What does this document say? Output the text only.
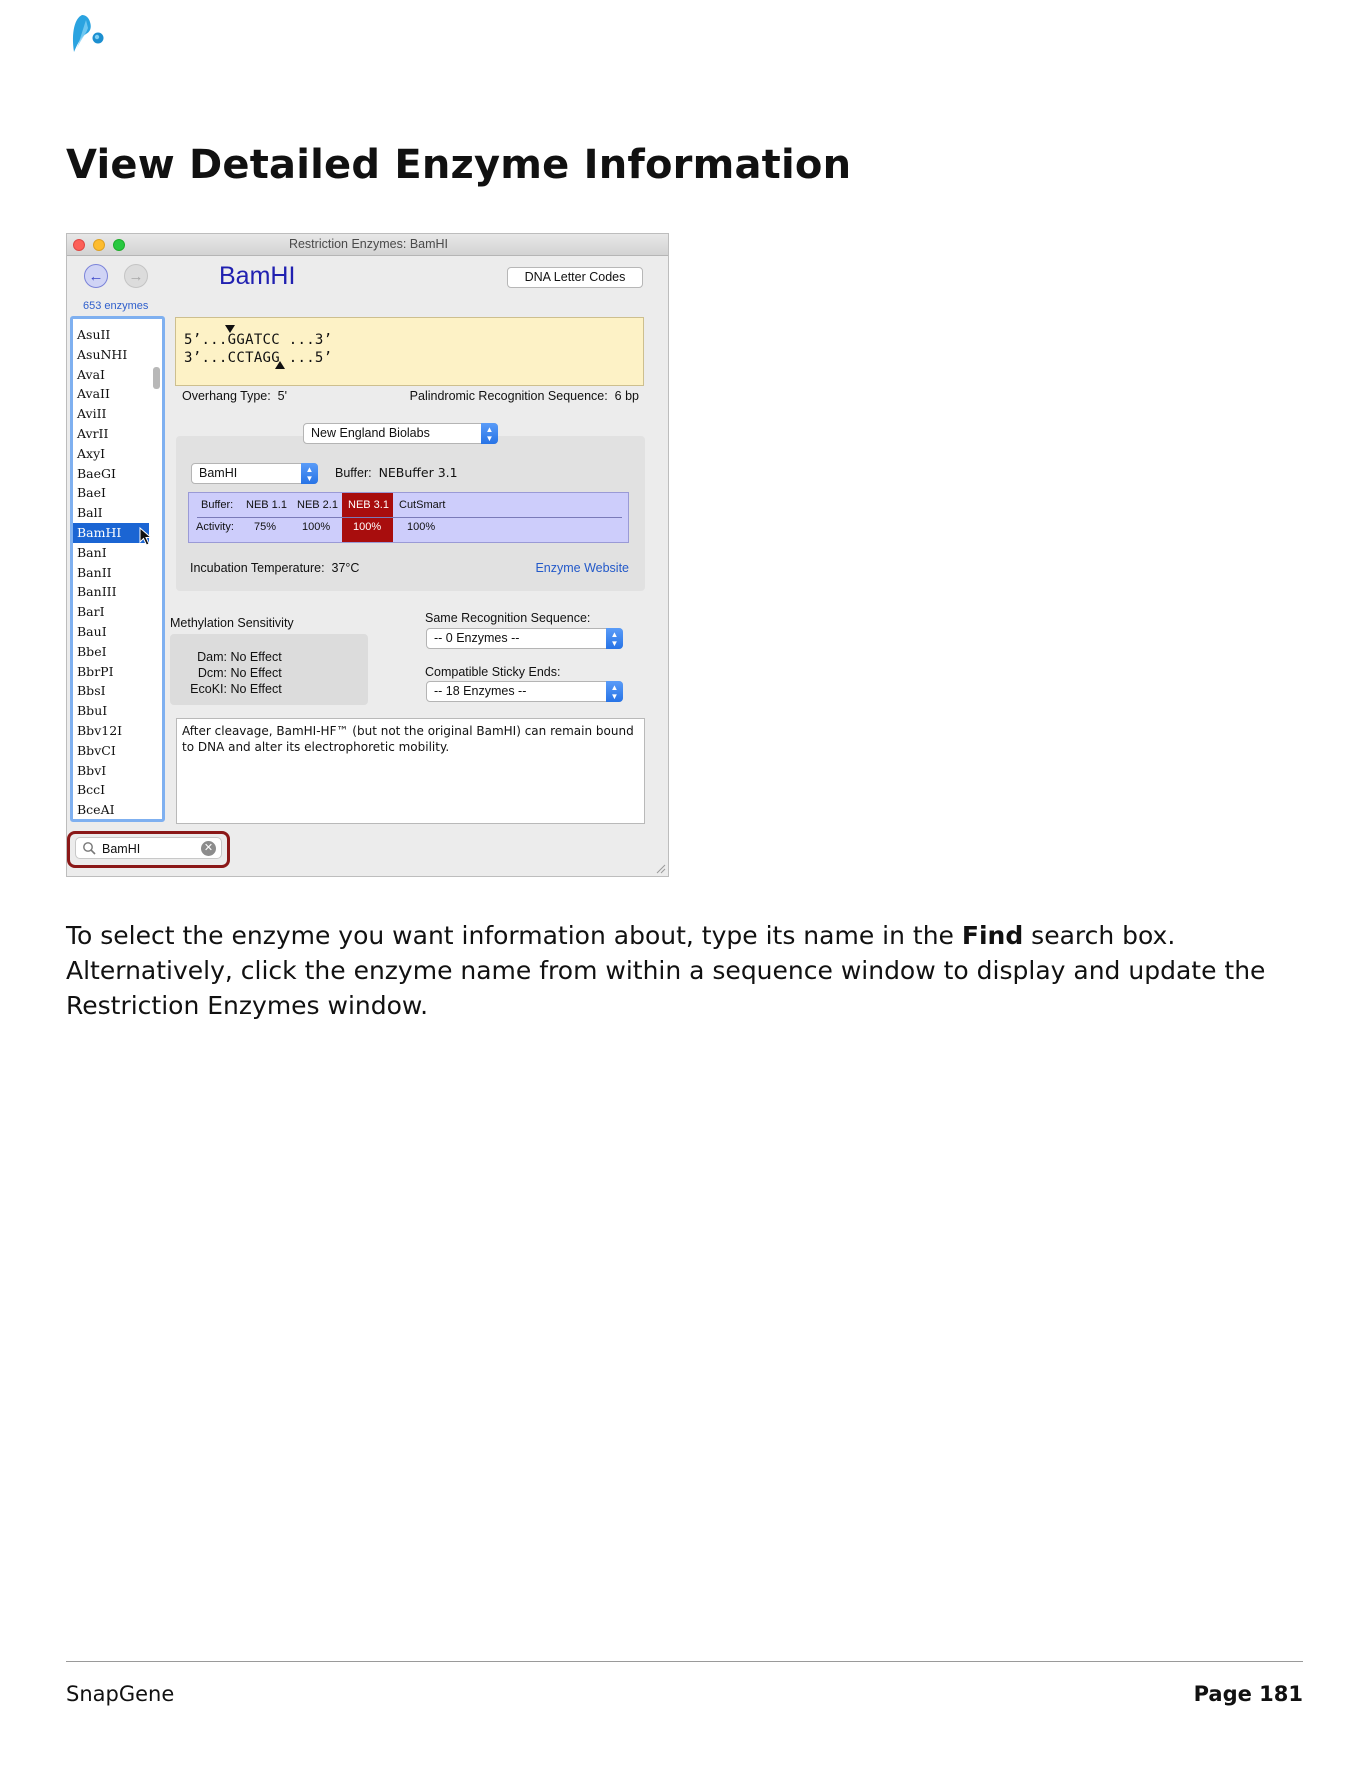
View Detailed Enzyme Information
Restriction Enzymes: BamHI
← →	BamHI	DNA Letter Codes
653 enzymes
AsuII
AsuNHI
AvaI
AvaII
AviII
AvrII
AxyI
BaeGI
BaeI
BalI
BamHI
BanI
BanII
BanIII
BarI
BauI
BbeI
BbrPI
BbsI
BbuI
Bbv12I
BbvCI
BbvI
BccI
BceAI
5’...GGATCC ...3’
3’...CCTAGG ...5’
Overhang Type: 5'	Palindromic Recognition Sequence: 6 bp
BamHI	▲
▼	Buffer: NEBuffer 3.1
Buffer: NEB 1.1 NEB 2.1 NEB 3.1 CutSmart
Activity: 75% 100% 100% 100%
Incubation Temperature: 37°C	Enzyme Website
New England Biolabs	▲
▼
Methylation Sensitivity
Dam: No Effect
Dcm: No Effect
EcoKI: No Effect
Same Recognition Sequence:
-- 0 Enzymes --	▲
▼
Compatible Sticky Ends:
-- 18 Enzymes --	▲
▼
After cleavage, BamHI-HF™ (but not the original BamHI) can remain bound to DNA and alter its electrophoretic mobility.
BamHI
✕

To select the enzyme you want information about, type its name in the Find search box. Alternatively, click the enzyme name from within a sequence window to display and update the Restriction Enzymes window.

SnapGene	Page 181
